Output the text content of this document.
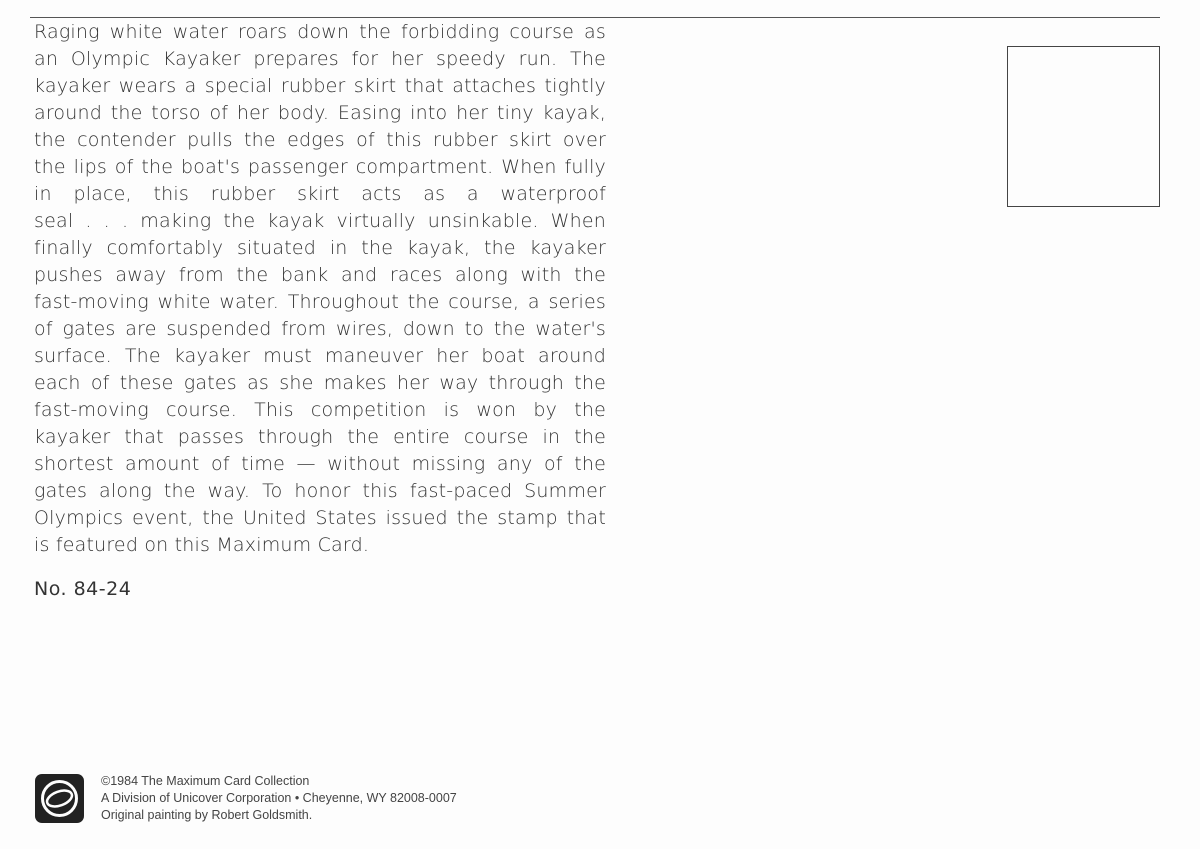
Raging white water roars down the forbidding course as
an Olympic Kayaker prepares for her speedy run. The
kayaker wears a special rubber skirt that attaches tightly
around the torso of her body. Easing into her tiny kayak,
the contender pulls the edges of this rubber skirt over
the lips of the boat's passenger compartment. When fully
in place, this rubber skirt acts as a waterproof
seal . . . making the kayak virtually unsinkable. When
finally comfortably situated in the kayak, the kayaker
pushes away from the bank and races along with the
fast-moving white water. Throughout the course, a series
of gates are suspended from wires, down to the water's
surface. The kayaker must maneuver her boat around
each of these gates as she makes her way through the
fast-moving course. This competition is won by the
kayaker that passes through the entire course in the
shortest amount of time — without missing any of the
gates along the way. To honor this fast-paced Summer
Olympics event, the United States issued the stamp that
is featured on this Maximum Card.
No. 84-24
©1984 The Maximum Card Collection
A Division of Unicover Corporation • Cheyenne, WY 82008-0007
Original painting by Robert Goldsmith.
